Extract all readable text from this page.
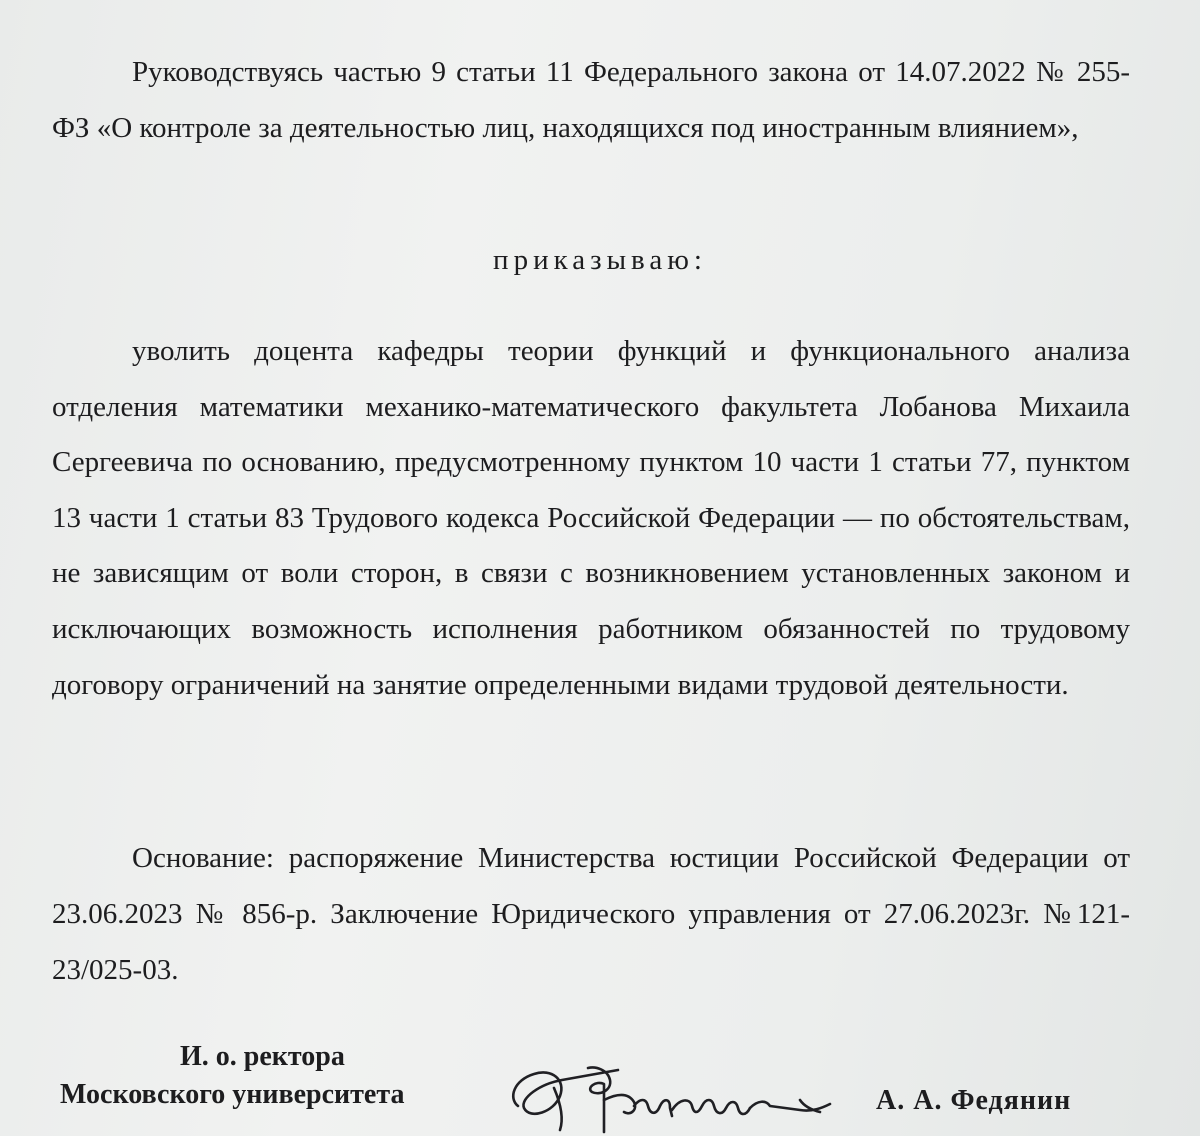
Руководствуясь частью 9 статьи 11 Федерального закона от 14.07.2022 № 255-ФЗ «О контроле за деятельностью лиц, находящихся под иностранным влиянием»,

приказываю:

уволить доцента кафедры теории функций и функционального анализа отделения математики механико-математического факультета Лобанова Михаила Сергеевича по основанию, предусмотренному пунктом 10 части 1 статьи 77, пунктом 13 части 1 статьи 83 Трудового кодекса Российской Федерации — по обстоятельствам, не зависящим от воли сторон, в связи с возникновением установленных законом и исключающих возможность исполнения работником обязанностей по трудовому договору ограничений на занятие определенными видами трудовой деятельности.

Основание: распоряжение Министерства юстиции Российской Федерации от 23.06.2023 № 856-р. Заключение Юридического управления от 27.06.2023г. №121-23/025-03.

И. о. ректора
Московского университета	А. А. Федянин
